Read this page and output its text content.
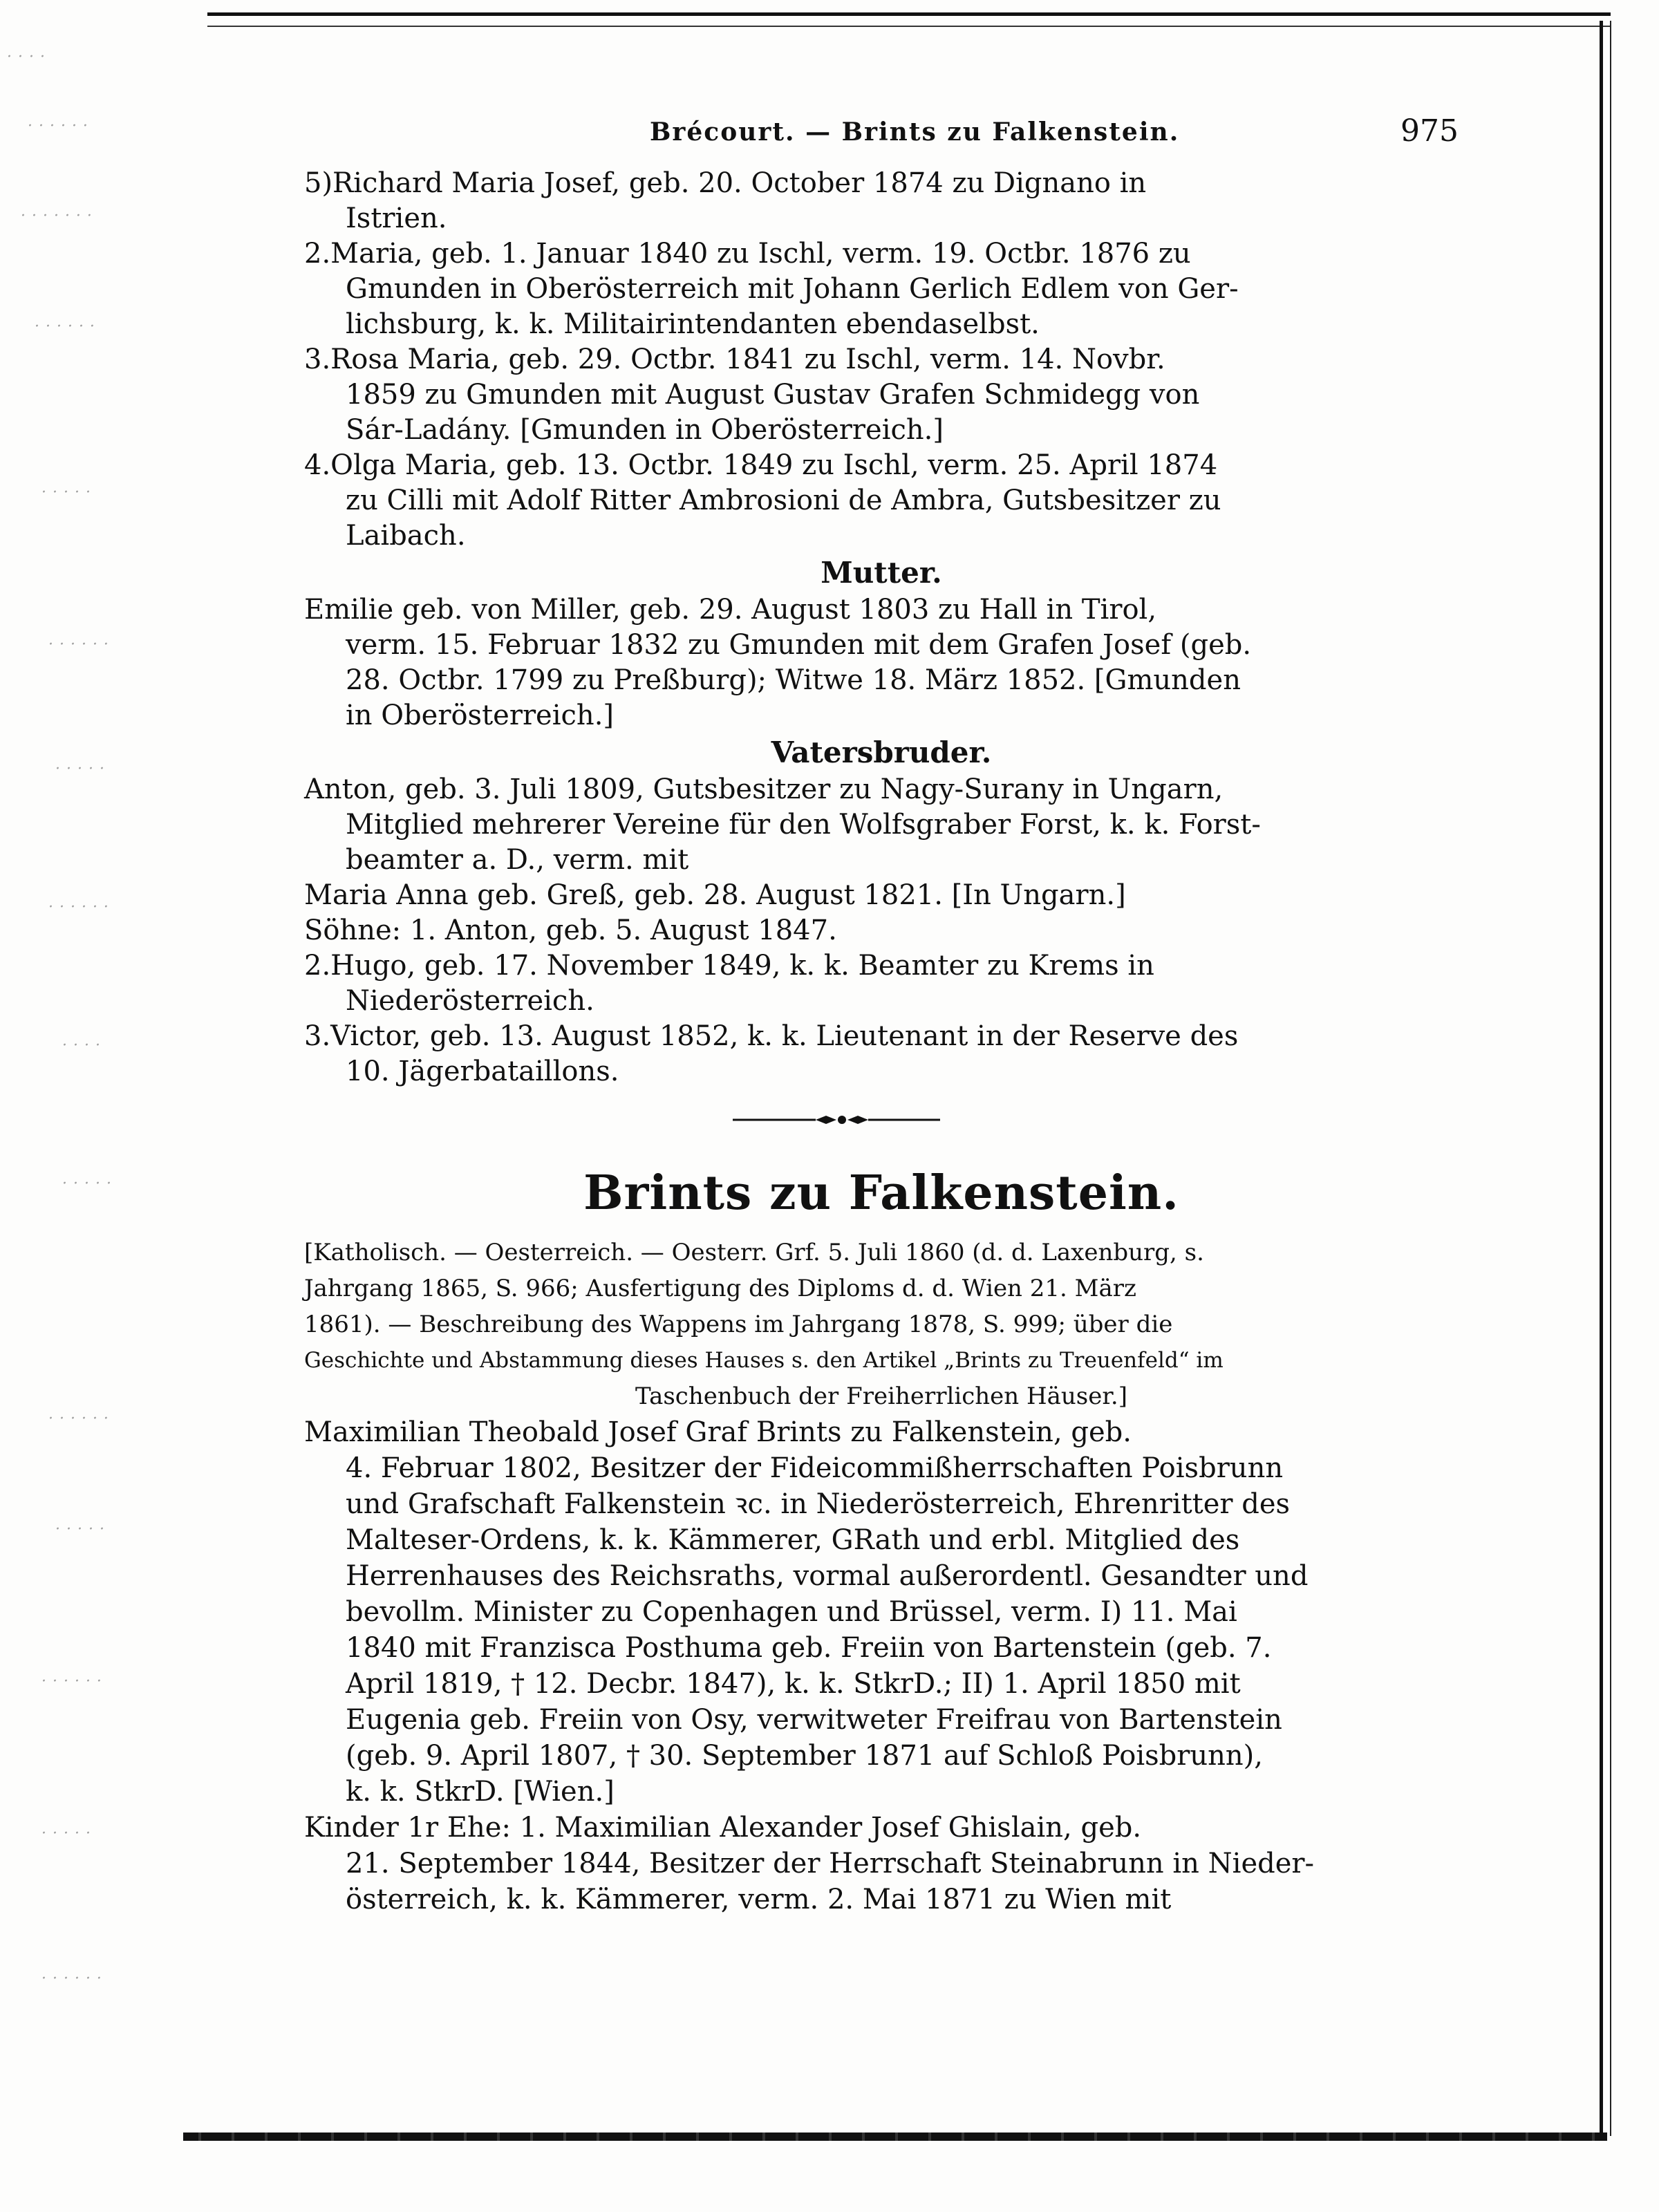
· · · ·
· · · · · ·
· · · · · · ·
· · · · · ·
· · · · ·
· · · · · ·
· · · · ·
· · · · · ·
· · · ·
· · · · ·
· · · · · ·
· · · · ·
· · · · · ·
· · · · ·
· · · · · ·
Brécourt. — Brints zu Falkenstein.	975
5)Richard Maria Josef, geb. 20. October 1874 zu Dignano in
Istrien.
2.Maria, geb. 1. Januar 1840 zu Ischl, verm. 19. Octbr. 1876 zu
Gmunden in Oberösterreich mit Johann Gerlich Edlem von Ger-
lichsburg, k. k. Militairintendanten ebendaselbst.
3.Rosa Maria, geb. 29. Octbr. 1841 zu Ischl, verm. 14. Novbr.
1859 zu Gmunden mit August Gustav Grafen Schmidegg von
Sár-Ladány. [Gmunden in Oberösterreich.]
4.Olga Maria, geb. 13. Octbr. 1849 zu Ischl, verm. 25. April 1874
zu Cilli mit Adolf Ritter Ambrosioni de Ambra, Gutsbesitzer zu
Laibach.
Mutter.
Emilie geb. von Miller, geb. 29. August 1803 zu Hall in Tirol,
verm. 15. Februar 1832 zu Gmunden mit dem Grafen Josef (geb.
28. Octbr. 1799 zu Preßburg); Witwe 18. März 1852. [Gmunden
in Oberösterreich.]
Vatersbruder.
Anton, geb. 3. Juli 1809, Gutsbesitzer zu Nagy-Surany in Ungarn,
Mitglied mehrerer Vereine für den Wolfsgraber Forst, k. k. Forst-
beamter a. D., verm. mit
Maria Anna geb. Greß, geb. 28. August 1821. [In Ungarn.]
Söhne: 1. Anton, geb. 5. August 1847.
2.Hugo, geb. 17. November 1849, k. k. Beamter zu Krems in
Niederösterreich.
3.Victor, geb. 13. August 1852, k. k. Lieutenant in der Reserve des
10. Jägerbataillons.
Brints zu Falkenstein.
[Katholisch. — Oesterreich. — Oesterr. Grf. 5. Juli 1860 (d. d. Laxenburg, s.
Jahrgang 1865, S. 966; Ausfertigung des Diploms d. d. Wien 21. März
1861). — Beschreibung des Wappens im Jahrgang 1878, S. 999; über die
Geschichte und Abstammung dieses Hauses s. den Artikel „Brints zu Treuenfeld“ im
Taschenbuch der Freiherrlichen Häuser.]
Maximilian Theobald Josef Graf Brints zu Falkenstein, geb.
4. Februar 1802, Besitzer der Fideicommißherrschaften Poisbrunn
und Grafschaft Falkenstein ꝛc. in Niederösterreich, Ehrenritter des
Malteser-Ordens, k. k. Kämmerer, GRath und erbl. Mitglied des
Herrenhauses des Reichsraths, vormal außerordentl. Gesandter und
bevollm. Minister zu Copenhagen und Brüssel, verm. I) 11. Mai
1840 mit Franzisca Posthuma geb. Freiin von Bartenstein (geb. 7.
April 1819, † 12. Decbr. 1847), k. k. StkrD.; II) 1. April 1850 mit
Eugenia geb. Freiin von Osy, verwitweter Freifrau von Bartenstein
(geb. 9. April 1807, † 30. September 1871 auf Schloß Poisbrunn),
k. k. StkrD. [Wien.]
Kinder 1r Ehe: 1. Maximilian Alexander Josef Ghislain, geb.
21. September 1844, Besitzer der Herrschaft Steinabrunn in Nieder-
österreich, k. k. Kämmerer, verm. 2. Mai 1871 zu Wien mit
